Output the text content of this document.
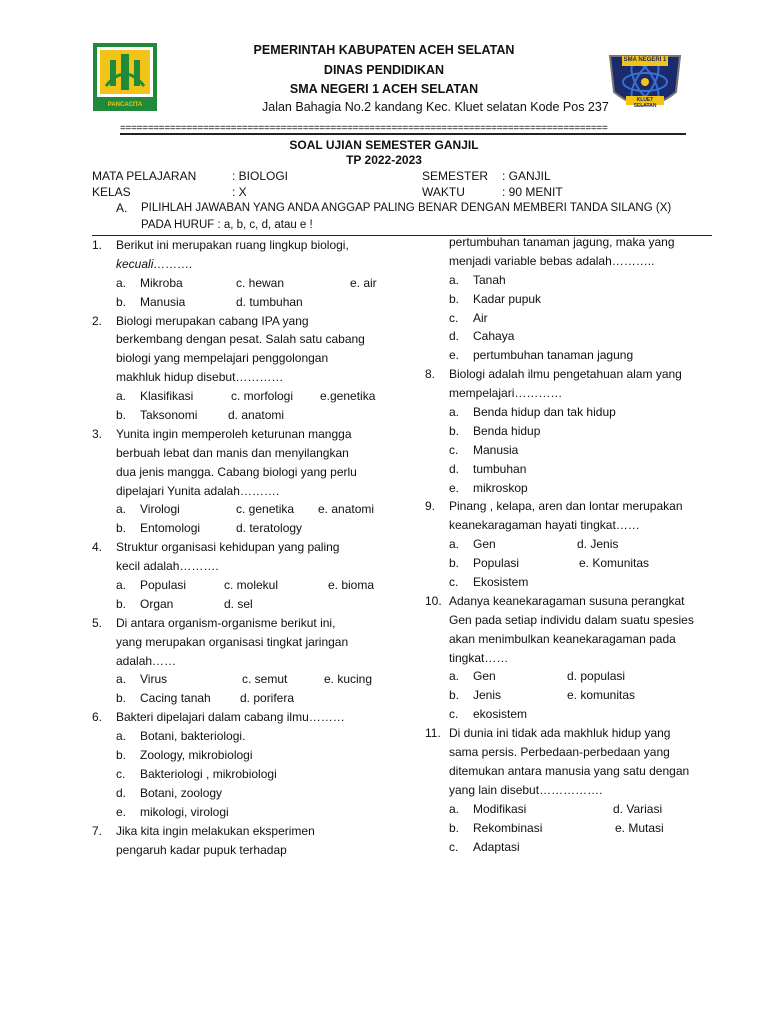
PANCACITA
SMA NEGERI 1
KLUET SELATAN
PEMERINTAH KABUPATEN ACEH SELATAN
DINAS PENDIDIKAN
SMA NEGERI 1 ACEH SELATAN
Jalan Bahagia No.2 kandang Kec. Kluet selatan Kode Pos 237
========================================================================================
SOAL UJIAN SEMESTER GANJIL
TP 2022-2023
MATA PELAJARAN	: BIOLOGI	SEMESTER : GANJIL
KELAS	: X	WAKTU	: 90 MENIT
A. PILIHLAH JAWABAN YANG ANDA ANGGAP PALING BENAR DENGAN MEMBERI TANDA SILANG (X)
PADA HURUF : a, b, c, d, atau e !
1. Berikut ini merupakan ruang lingkup biologi,
kecuali……….
a. Mikroba	c. hewan	e. air
b. Manusia	d. tumbuhan
2. Biologi merupakan cabang IPA yang
berkembang dengan pesat. Salah satu cabang
biologi yang mempelajari penggolongan
makhluk hidup disebut…………
a. Klasifikasi	c. morfologi e.genetika
b. Taksonomi	d. anatomi
3. Yunita ingin memperoleh keturunan mangga
berbuah lebat dan manis dan menyilangkan
dua jenis mangga. Cabang biologi yang perlu
dipelajari Yunita adalah……….
a. Virologi	c. genetika e. anatomi
b. Entomologi	d. teratology
4. Struktur organisasi kehidupan yang paling
kecil adalah……….
a. Populasi	c. molekul	e. bioma
b. Organ	d. sel
5. Di antara organism-organisme berikut ini,
yang merupakan organisasi tingkat jaringan
adalah……
a. Virus	c. semut	e. kucing
b. Cacing tanah d. porifera
6. Bakteri dipelajari dalam cabang ilmu………
a. Botani, bakteriologi.
b. Zoology, mikrobiologi
c. Bakteriologi , mikrobiologi
d. Botani, zoology
e. mikologi, virologi
7. Jika kita ingin melakukan eksperimen
pengaruh kadar pupuk terhadap
pertumbuhan tanaman jagung, maka yang
menjadi variable bebas adalah………..
a. Tanah
b. Kadar pupuk
c. Air
d. Cahaya
e. pertumbuhan tanaman jagung
8. Biologi adalah ilmu pengetahuan alam yang
mempelajari…………
a. Benda hidup dan tak hidup
b. Benda hidup
c. Manusia
d. tumbuhan
e. mikroskop
9. Pinang , kelapa, aren dan lontar merupakan
keanekaragaman hayati tingkat……
a. Gen	d. Jenis
b. Populasi	e. Komunitas
c. Ekosistem
10. Adanya keanekaragaman susuna perangkat
Gen pada setiap individu dalam suatu spesies
akan menimbulkan keanekaragaman pada
tingkat……
a. Gen	d. populasi
b. Jenis	e. komunitas
c. ekosistem
11. Di dunia ini tidak ada makhluk hidup yang
sama persis. Perbedaan-perbedaan yang
ditemukan antara manusia yang satu dengan
yang lain disebut…………….
a. Modifikasi	d. Variasi
b. Rekombinasi	e. Mutasi
c. Adaptasi
